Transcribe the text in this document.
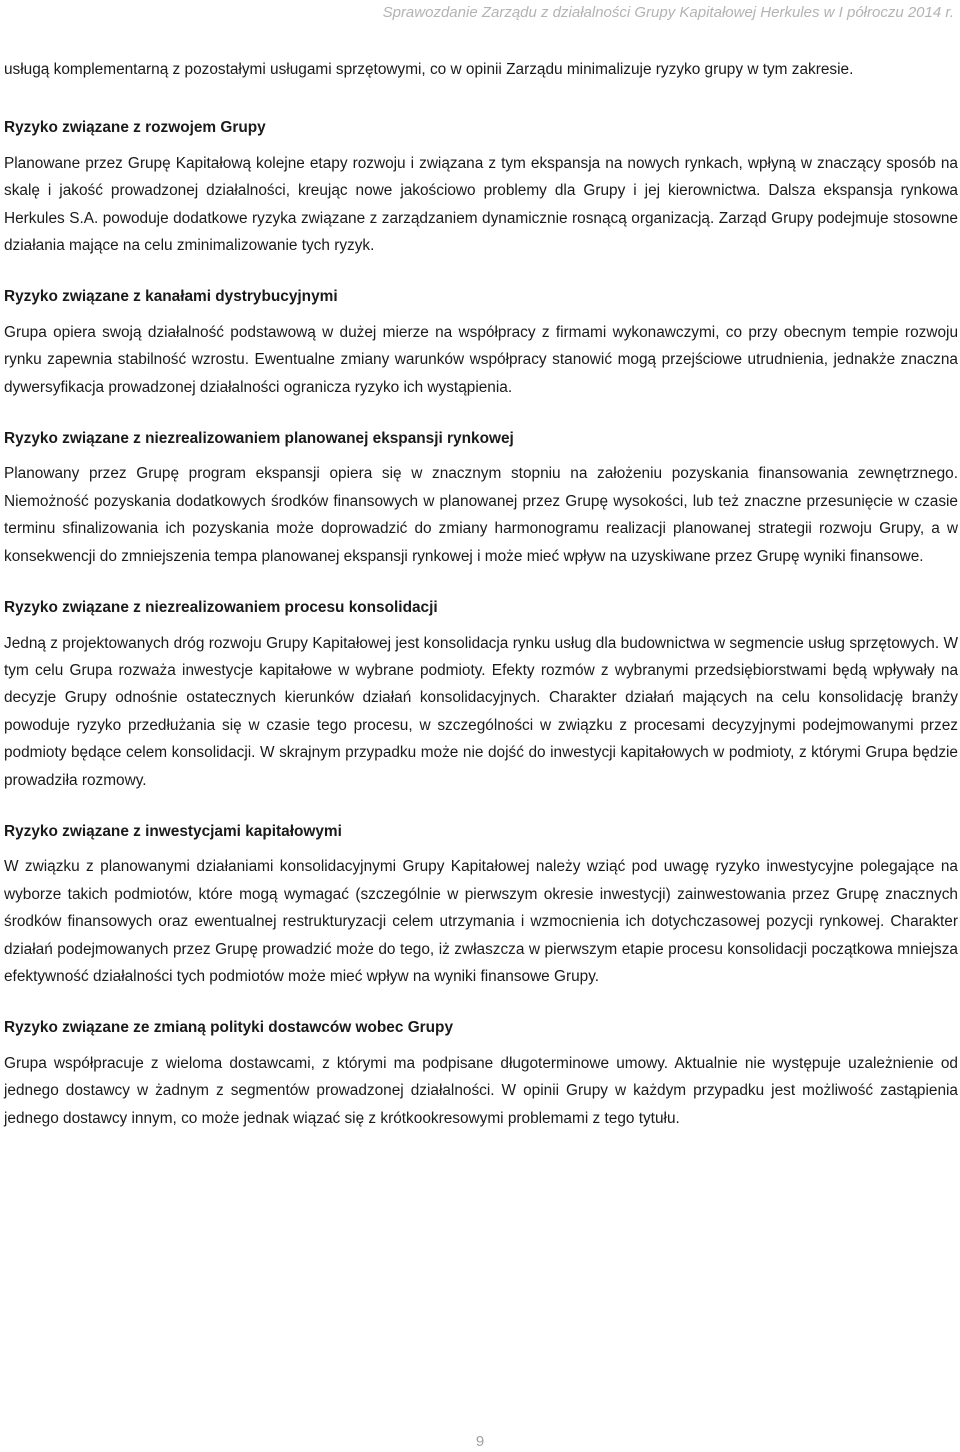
Sprawozdanie Zarządu z działalności Grupy Kapitałowej Herkules w I półroczu 2014 r.

usługą komplementarną z pozostałymi usługami sprzętowymi, co w opinii Zarządu minimalizuje ryzyko grupy w tym zakresie.

Ryzyko związane z rozwojem Grupy

Planowane przez Grupę Kapitałową kolejne etapy rozwoju i związana z tym ekspansja na nowych rynkach, wpłyną w znaczący sposób na skalę i jakość prowadzonej działalności, kreując nowe jakościowo problemy dla Grupy i jej kierownictwa. Dalsza ekspansja rynkowa Herkules S.A. powoduje dodatkowe ryzyka związane z zarządzaniem dynamicznie rosnącą organizacją. Zarząd Grupy podejmuje stosowne działania mające na celu zminimalizowanie tych ryzyk.

Ryzyko związane z kanałami dystrybucyjnymi

Grupa opiera swoją działalność podstawową w dużej mierze na współpracy z firmami wykonawczymi, co przy obecnym tempie rozwoju rynku zapewnia stabilność wzrostu. Ewentualne zmiany warunków współpracy stanowić mogą przejściowe utrudnienia, jednakże znaczna dywersyfikacja prowadzonej działalności ogranicza ryzyko ich wystąpienia.

Ryzyko związane z niezrealizowaniem planowanej ekspansji rynkowej

Planowany przez Grupę program ekspansji opiera się w znacznym stopniu na założeniu pozyskania finansowania zewnętrznego. Niemożność pozyskania dodatkowych środków finansowych w planowanej przez Grupę wysokości, lub też znaczne przesunięcie w czasie terminu sfinalizowania ich pozyskania może doprowadzić do zmiany harmonogramu realizacji planowanej strategii rozwoju Grupy, a w konsekwencji do zmniejszenia tempa planowanej ekspansji rynkowej i może mieć wpływ na uzyskiwane przez Grupę wyniki finansowe.

Ryzyko związane z niezrealizowaniem procesu konsolidacji

Jedną z projektowanych dróg rozwoju Grupy Kapitałowej jest konsolidacja rynku usług dla budownictwa w segmencie usług sprzętowych. W tym celu Grupa rozważa inwestycje kapitałowe w wybrane podmioty. Efekty rozmów z wybranymi przedsiębiorstwami będą wpływały na decyzje Grupy odnośnie ostatecznych kierunków działań konsolidacyjnych. Charakter działań mających na celu konsolidację branży powoduje ryzyko przedłużania się w czasie tego procesu, w szczególności w związku z procesami decyzyjnymi podejmowanymi przez podmioty będące celem konsolidacji. W skrajnym przypadku może nie dojść do inwestycji kapitałowych w podmioty, z którymi Grupa będzie prowadziła rozmowy.

Ryzyko związane z inwestycjami kapitałowymi

W związku z planowanymi działaniami konsolidacyjnymi Grupy Kapitałowej należy wziąć pod uwagę ryzyko inwestycyjne polegające na wyborze takich podmiotów, które mogą wymagać (szczególnie w pierwszym okresie inwestycji) zainwestowania przez Grupę znacznych środków finansowych oraz ewentualnej restrukturyzacji celem utrzymania i wzmocnienia ich dotychczasowej pozycji rynkowej. Charakter działań podejmowanych przez Grupę prowadzić może do tego, iż zwłaszcza w pierwszym etapie procesu konsolidacji początkowa mniejsza efektywność działalności tych podmiotów może mieć wpływ na wyniki finansowe Grupy.

Ryzyko związane ze zmianą polityki dostawców wobec Grupy

Grupa współpracuje z wieloma dostawcami, z którymi ma podpisane długoterminowe umowy. Aktualnie nie występuje uzależnienie od jednego dostawcy w żadnym z segmentów prowadzonej działalności. W opinii Grupy w każdym przypadku jest możliwość zastąpienia jednego dostawcy innym, co może jednak wiązać się z krótkookresowymi problemami z tego tytułu.

9
